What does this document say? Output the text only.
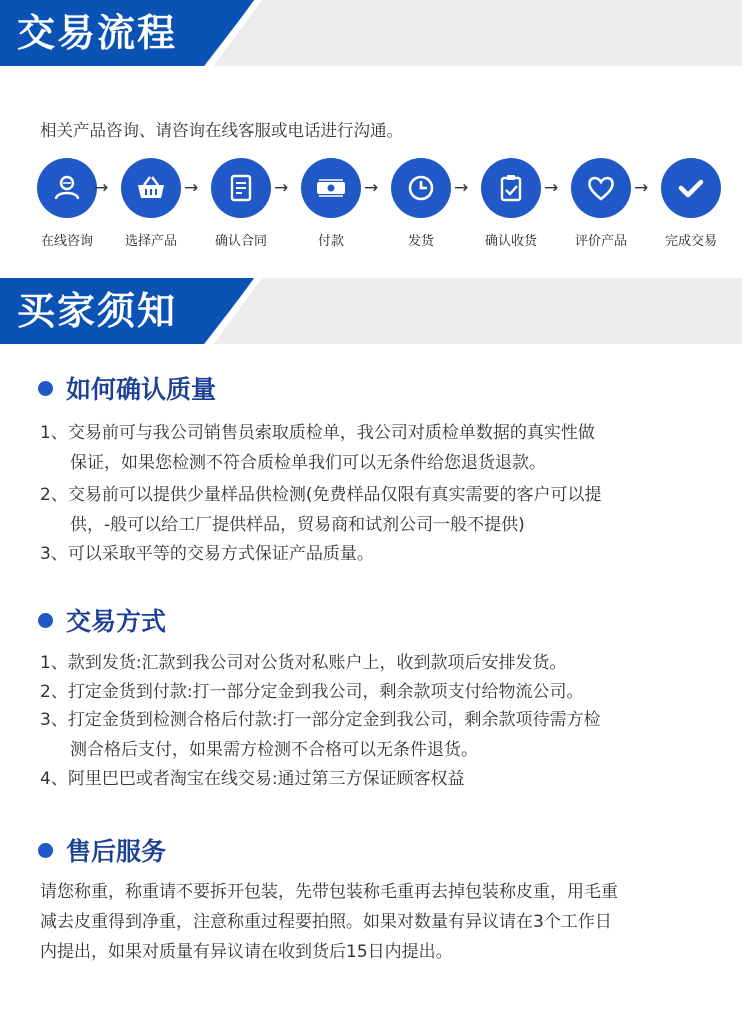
交易流程
相关产品咨询、请咨询在线客服或电话进行沟通。
在线咨询
→
选择产品
→
确认合同
→
付款
→
发货
→
确认收货
→
评价产品
→
完成交易
买家须知
如何确认质量
1、交易前可与我公司销售员索取质检单，我公司对质检单数据的真实性做
保证，如果您检测不符合质检单我们可以无条件给您退货退款。
2、交易前可以提供少量样品供检测(免费样品仅限有真实需要的客户可以提
供，-般可以给工厂提供样品，贸易商和试剂公司一般不提供)
3、可以采取平等的交易方式保证产品质量。
交易方式
1、款到发货:汇款到我公司对公货对私账户上，收到款项后安排发货。
2、打定金货到付款:打一部分定金到我公司，剩余款项支付给物流公司。
3、打定金货到检测合格后付款:打一部分定金到我公司，剩余款项待需方检
测合格后支付，如果需方检测不合格可以无条件退货。
4、阿里巴巴或者淘宝在线交易:通过第三方保证顾客权益
售后服务
请您称重，称重请不要拆开包装，先带包装称毛重再去掉包装称皮重，用毛重
减去皮重得到净重，注意称重过程要拍照。如果对数量有异议请在3个工作日
内提出，如果对质量有异议请在收到货后15日内提出。
